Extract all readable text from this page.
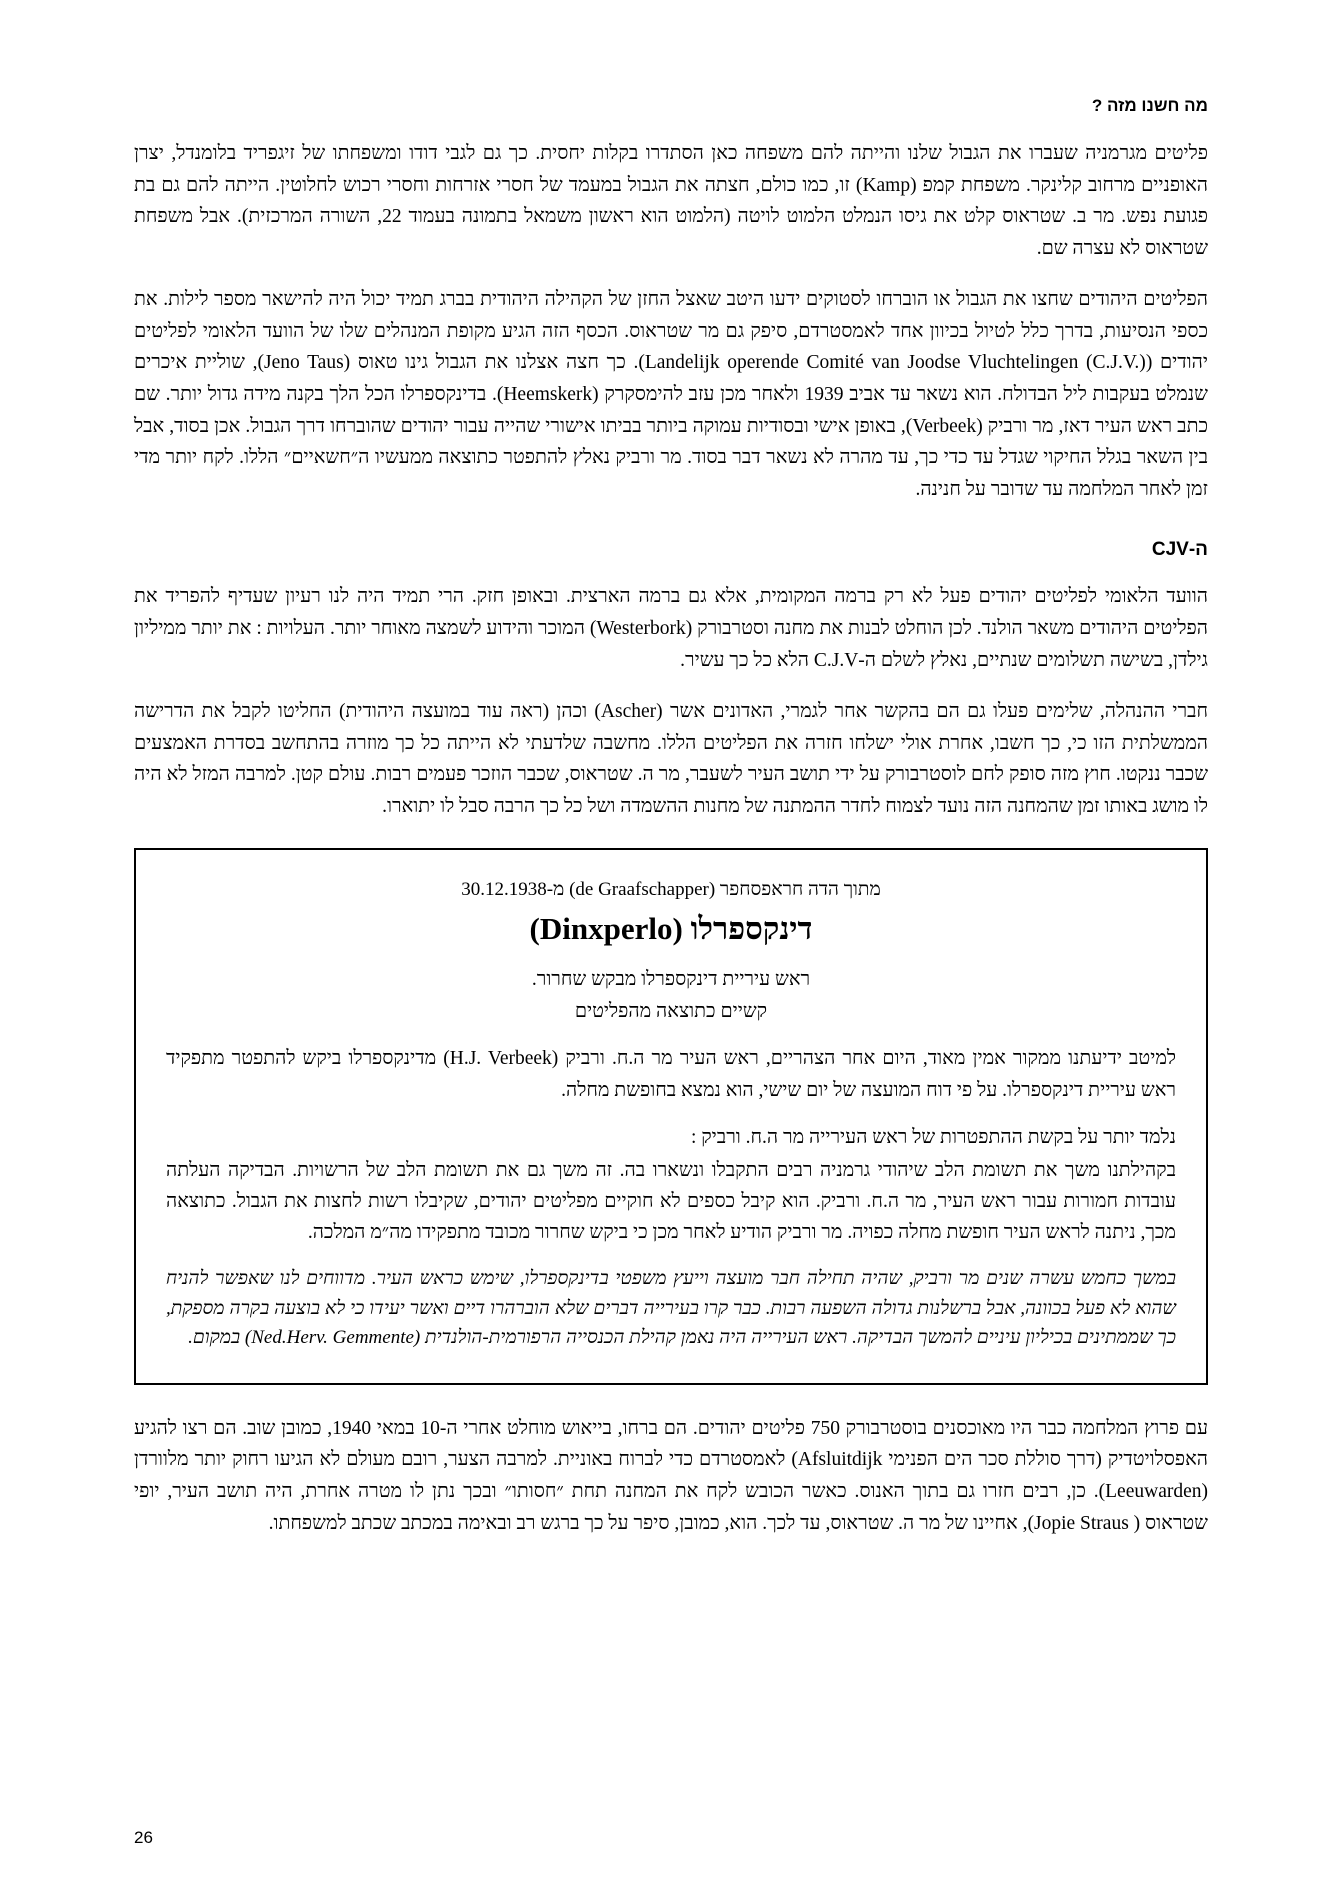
מה חשנו מזה ?

פליטים מגרמניה שעברו את הגבול שלנו והייתה להם משפחה כאן הסתדרו בקלות יחסית. כך גם לגבי דודו ומשפחתו של זיגפריד בלומנדל, יצרן האופניים מרחוב קלינקר. משפחת קמפ (Kamp) זו, כמו כולם, חצתה את הגבול במעמד של חסרי אזרחות וחסרי רכוש לחלוטין. הייתה להם גם בת פגועת נפש. מר ב. שטראוס קלט את גיסו הנמלט הלמוט לויטה (הלמוט הוא ראשון משמאל בתמונה בעמוד 22, השורה המרכזית). אבל משפחת שטראוס לא עצרה שם.

הפליטים היהודים שחצו את הגבול או הוברחו לסטוקים ידעו היטב שאצל החזן של הקהילה היהודית בברג תמיד יכול היה להישאר מספר לילות. את כספי הנסיעות, בדרך כלל לטיול בכיוון אחד לאמסטרדם, סיפק גם מר שטראוס. הכסף הזה הגיע מקופת המנהלים שלו של הוועד הלאומי לפליטים יהודים (Landelijk operende Comité van Joodse Vluchtelingen (C.J.V.)). כך חצה אצלנו את הגבול גינו טאוס (Jeno Taus), שוליית איכרים שנמלט בעקבות ליל הבדולח. הוא נשאר עד אביב 1939 ולאחר מכן עזב להימסקרק (Heemskerk). בדינקספרלו הכל הלך בקנה מידה גדול יותר. שם כתב ראש העיר דאז, מר ורביק (Verbeek), באופן אישי ובסודיות עמוקה ביותר בביתו אישורי שהייה עבור יהודים שהוברחו דרך הגבול. אכן בסוד, אבל בין השאר בגלל החיקוי שגדל עד כדי כך, עד מהרה לא נשאר דבר בסוד. מר ורביק נאלץ להתפטר כתוצאה ממעשיו ה״חשאיים״ הללו. לקח יותר מדי זמן לאחר המלחמה עד שדובר על חנינה.

ה-CJV

הוועד הלאומי לפליטים יהודים פעל לא רק ברמה המקומית, אלא גם ברמה הארצית. ובאופן חזק. הרי תמיד היה לנו רעיון שעדיף להפריד את הפליטים היהודים משאר הולנד. לכן הוחלט לבנות את מחנה וסטרבורק (Westerbork) המוכר והידוע לשמצה מאוחר יותר. העלויות : את יותר ממיליון גילדן, בשישה תשלומים שנתיים, נאלץ לשלם ה-C.J.V הלא כל כך עשיר.

חברי ההנהלה, שלימים פעלו גם הם בהקשר אחר לגמרי, האדונים אשר (Ascher) וכהן (ראה עוד במועצה היהודית) החליטו לקבל את הדרישה הממשלתית הזו כי, כך חשבו, אחרת אולי ישלחו חזרה את הפליטים הללו. מחשבה שלדעתי לא הייתה כל כך מוזרה בהתחשב בסדרת האמצעים שכבר ננקטו. חוץ מזה סופק לחם לוסטרבורק על ידי תושב העיר לשעבר, מר ה. שטראוס, שכבר הוזכר פעמים רבות. עולם קטן. למרבה המזל לא היה לו מושג באותו זמן שהמחנה הזה נועד לצמוח לחדר ההמתנה של מחנות ההשמדה ושל כל כך הרבה סבל לו יתוארו.

מתוך הדה חראפסחפר (de Graafschapper) מ-30.12.1938

דינקספרלו (Dinxperlo)

ראש עיריית דינקספרלו מבקש שחרור.

קשיים כתוצאה מהפליטים

למיטב ידיעתנו ממקור אמין מאוד, היום אחר הצהריים, ראש העיר מר ה.ח. ורביק (H.J. Verbeek) מדינקספרלו ביקש להתפטר מתפקיד ראש עיריית דינקספרלו. על פי דוח המועצה של יום שישי, הוא נמצא בחופשת מחלה.

נלמד יותר על בקשת ההתפטרות של ראש העירייה מר ה.ח. ורביק :

בקהילתנו משך את תשומת הלב שיהודי גרמניה רבים התקבלו ונשארו בה. זה משך גם את תשומת הלב של הרשויות. הבדיקה העלתה עובדות חמורות עבור ראש העיר, מר ה.ח. ורביק. הוא קיבל כספים לא חוקיים מפליטים יהודים, שקיבלו רשות לחצות את הגבול. כתוצאה מכך, ניתנה לראש העיר חופשת מחלה כפויה. מר ורביק הודיע לאחר מכן כי ביקש שחרור מכובד מתפקידו מה״מ המלכה.

במשך כחמש עשרה שנים מר ורביק, שהיה תחילה חבר מועצה וייעץ משפטי בדינקספרלו, שימש כראש העיר. מדווחים לנו שאפשר להניח שהוא לא פעל בכוונה, אבל ברשלנות גדולה השפעה רבות. כבר קרו בעירייה דברים שלא הוברהרו דיים ואשר יעידו כי לא בוצעה בקרה מספקת, כך שממתינים בכיליון עיניים להמשך הבדיקה. ראש העירייה היה נאמן קהילת הכנסייה הרפורמית-הולנדית (Ned.Herv. Gemmente) במקום.

עם פרוץ המלחמה כבר היו מאוכסנים בוסטרבורק 750 פליטים יהודים. הם ברחו, בייאוש מוחלט אחרי ה-10 במאי 1940, כמובן שוב. הם רצו להגיע האפסלויטדיק (דרך סוללת סכר הים הפנימי Afsluitdijk) לאמסטרדם כדי לברוח באוניית. למרבה הצער, רובם מעולם לא הגיעו רחוק יותר מלוורדן (Leeuwarden). כן, רבים חזרו גם בתוך האנוס. כאשר הכובש לקח את המחנה תחת ״חסותו״ ובכך נתן לו מטרה אחרת, היה תושב העיר, יופי שטראוס ( Jopie Straus), אחיינו של מר ה. שטראוס, עד לכך. הוא, כמובן, סיפר על כך ברגש רב ובאימה במכתב שכתב למשפחתו.

26
